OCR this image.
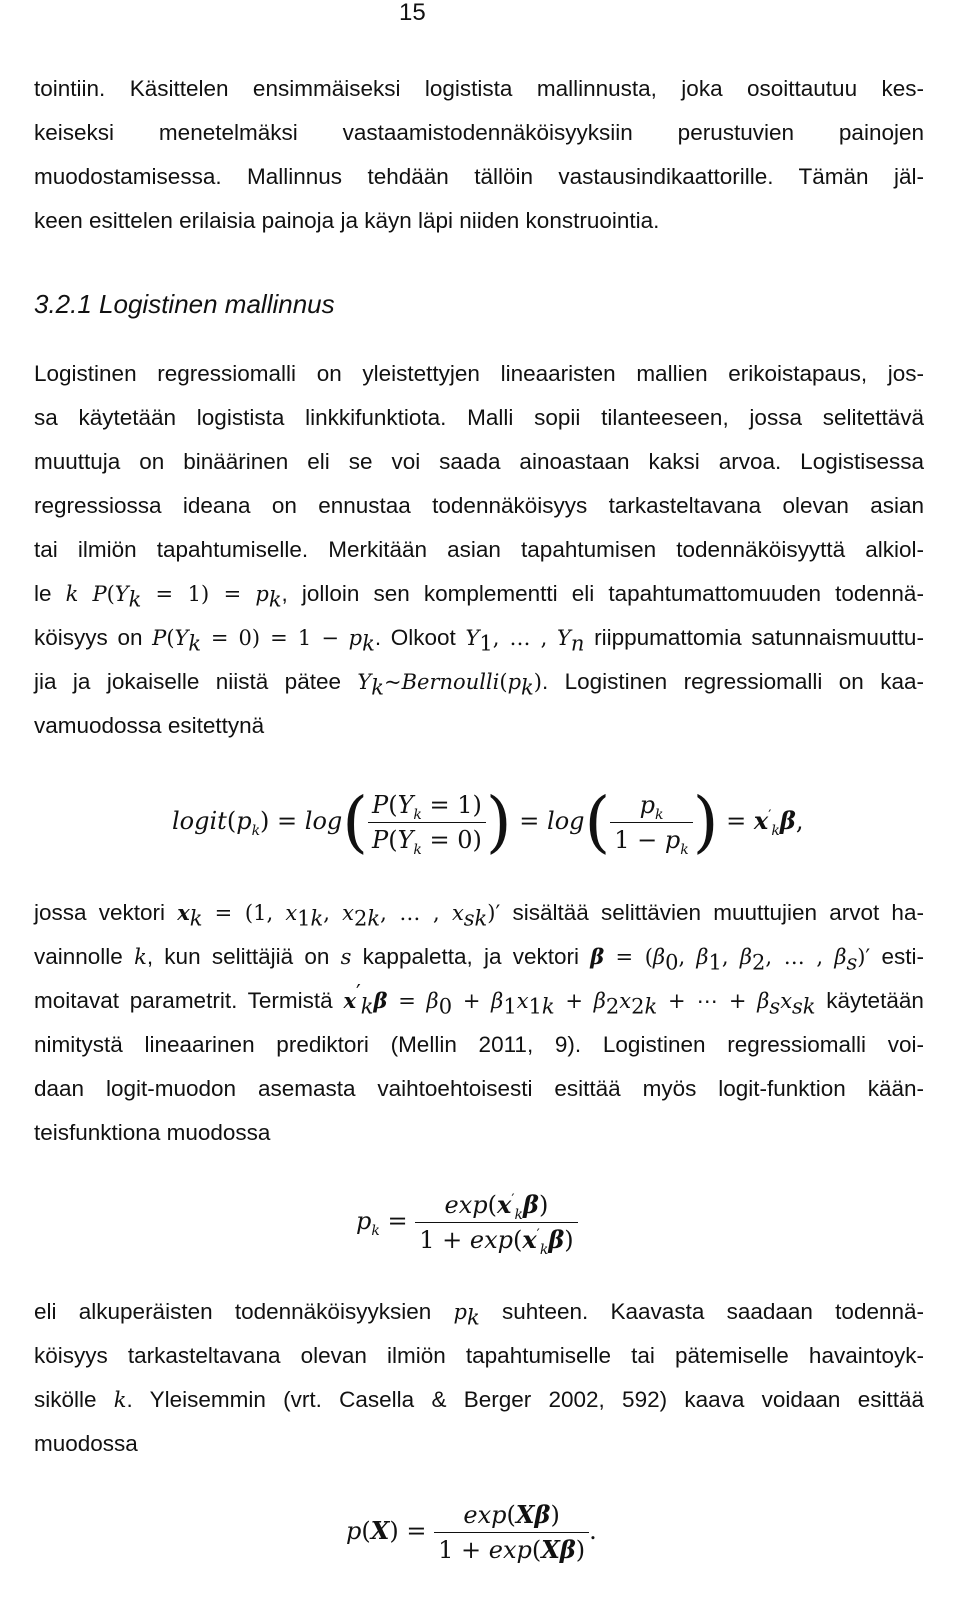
15
tointiin. Käsittelen ensimmäiseksi logistista mallinnusta, joka osoittautuu kes-
keiseksi menetelmäksi vastaamistodennäköisyyksiin perustuvien painojen
muodostamisessa. Mallinnus tehdään tällöin vastausindikaattorille. Tämän jäl-
keen esittelen erilaisia painoja ja käyn läpi niiden konstruointia.
3.2.1 Logistinen mallinnus
Logistinen regressiomalli on yleistettyjen lineaaristen mallien erikoistapaus, jos-
sa käytetään logistista linkkifunktiota. Malli sopii tilanteeseen, jossa selitettävä
muuttuja on binäärinen eli se voi saada ainoastaan kaksi arvoa. Logistisessa
regressiossa ideana on ennustaa todennäköisyys tarkasteltavana olevan asian
tai ilmiön tapahtumiselle. Merkitään asian tapahtumisen todennäköisyyttä alkiol-
le k $P(Y_k = 1) = p_k$, jolloin sen komplementti eli tapahtumattomuuden todennä-
köisyys on $P(Y_k = 0) = 1 - p_k$. Olkoot $Y_1$, … , $Y_n$ riippumattomia satunnaismuuttu-
jia ja jokaiselle niistä pätee $Y_k\sim Bernoulli(p_k)$. Logistinen regressiomalli on kaa-
vamuodossa esitettynä
$logit(p_k) = \log( \frac{P(Y_k = 1)}{P(Y_k = 0)}$ ) = $\log( \frac{p_k}{1 - p_k}$ ) = $x'_k\beta$,
jossa vektori $x_k = (1$, $x_{1k}$, $x_{2k}$, … , $x_{sk})'$ sisältää selittävien muuttujien arvot ha-
vainnolle k, kun selittäjiä on s kappaletta, ja vektori $\beta = (\beta_0$, $\beta_1$, $\beta_2$, … , $\beta_s)'$ esti-
moitavat parametrit. Termistä $x'_k\beta = \beta_0 + \beta_1x_{1k} + \beta_2x_{2k}$ + ⋯ + $\beta_sx_{sk}$ käytetään
nimitystä lineaarinen prediktori (Mellin 2011, 9). Logistinen regressiomalli voi-
daan logit-muodon asemasta vaihtoehtoisesti esittää myös logit-funktion kään-
teisfunktiona muodossa
$p_k = \frac{\exp(x'_k\beta)}{1 + \exp(x'_k\beta)}$
eli alkuperäisten todennäköisyyksien $p_k$ suhteen. Kaavasta saadaan todennä-
köisyys tarkasteltavana olevan ilmiön tapahtumiselle tai pätemiselle havaintoyk-
sikölle k. Yleisemmin (vrt. Casella & Berger 2002, 592) kaava voidaan esittää
muodossa
$p(X) = \frac{\exp(X\beta)}{1 + \exp(X\beta)}$ .
